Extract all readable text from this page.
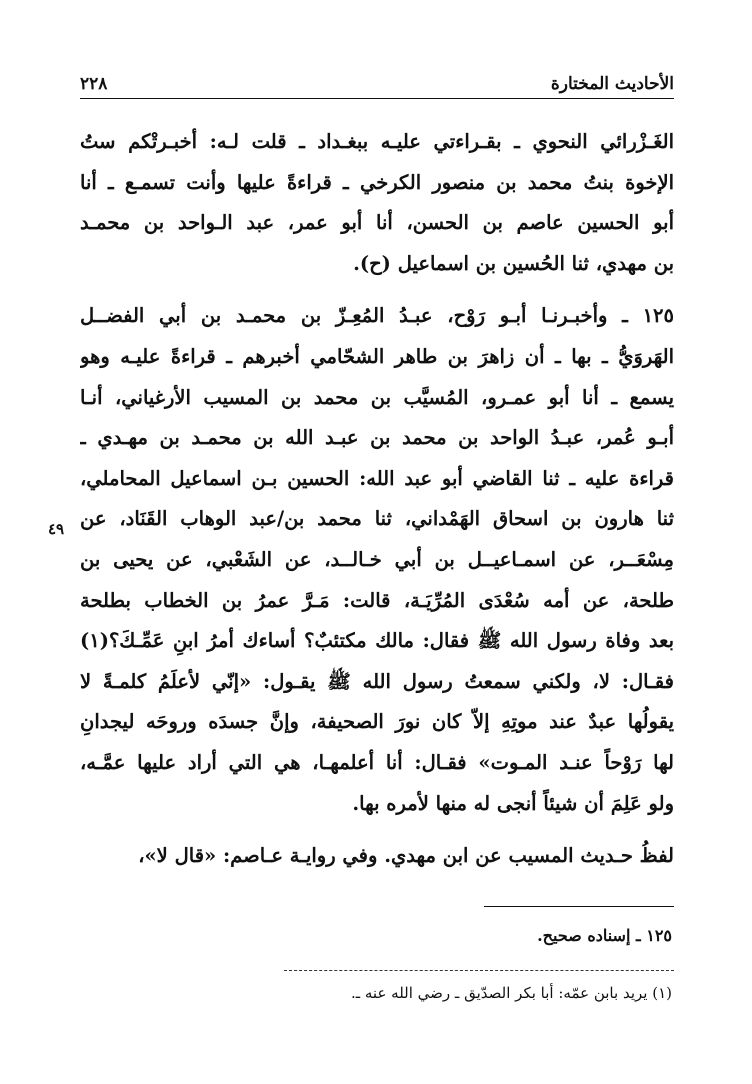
الأحاديث المختارة
٢٢٨
٤٩

الغَـزْرائي النحوي ـ بقـراءتي عليـه ببغـداد ـ قلت لـه: أخبـرتْكم ستُ
الإخوة بنتُ محمد بن منصور الكرخي ـ قراءةً عليها وأنت تسمـع ـ أنا
أبو الحسين عاصم بن الحسن، أنا أبو عمر، عبد الـواحد بن محمـد
بن مهدي، ثنا الحُسين بن اسماعيل (ح).

١٢٥ ـ وأخبـرنـا أبـو رَوْح، عبـدُ المُعِـزّ بن محمـد بن أبي الفضــل
الهَروَيُّ ـ بها ـ أن زاهرَ بن طاهر الشحّامي أخبرهم ـ قراءةً عليـه وهو
يسمع ـ أنا أبو عمـرو، المُسيَّب بن محمد بن المسيب الأرغياني، أنـا
أبـو عُمر، عبـدُ الواحد بن محمد بن عبـد الله بن محمـد بن مهـدي ـ
قراءة عليه ـ ثنا القاضي أبو عبد الله: الحسين بـن اسماعيل المحاملي،
ثنا هارون بن اسحاق الهَمْداني، ثنا محمد بن/عبد الوهاب القَنَاد، عن
مِسْعَــر، عن اسمـاعيــل بن أبي خـالــد، عن الشَعْبي، عن يحيى بن
طلحة، عن أمه سُعْدَى المُرِّيَـة، قالت: مَـرَّ عمرُ بن الخطاب بطلحة
بعد وفاة رسول الله ﷺ فقال: مالك مكتئبٌ؟ أساءك أمرُ ابنِ عَمِّـكَ؟(١)
فقـال: لا، ولكني سمعتُ رسول الله ﷺ يقـول: «إنّي لأعلَمُ كلمـةً لا
يقولُها عبدٌ عند موتِهِ إلاّ كان نورَ الصحيفة، وإنَّ جسدَه وروحَه ليجدانِ
لها رَوْحاً عنـد المـوت» فقـال: أنا أعلمهـا، هي التي أراد عليها عمَّـه،
ولو عَلِمَ أن شيئاً أنجى له منها لأمره بها.

لفظُ حـديث المسيب عن ابن مهدي. وفي روايـة عـاصم: «قال لا»،

١٢٥ ـ إسناده صحيح.
(١) يريد بابن عمّه: أبا بكر الصدّيق ـ رضي الله عنه ـ.
